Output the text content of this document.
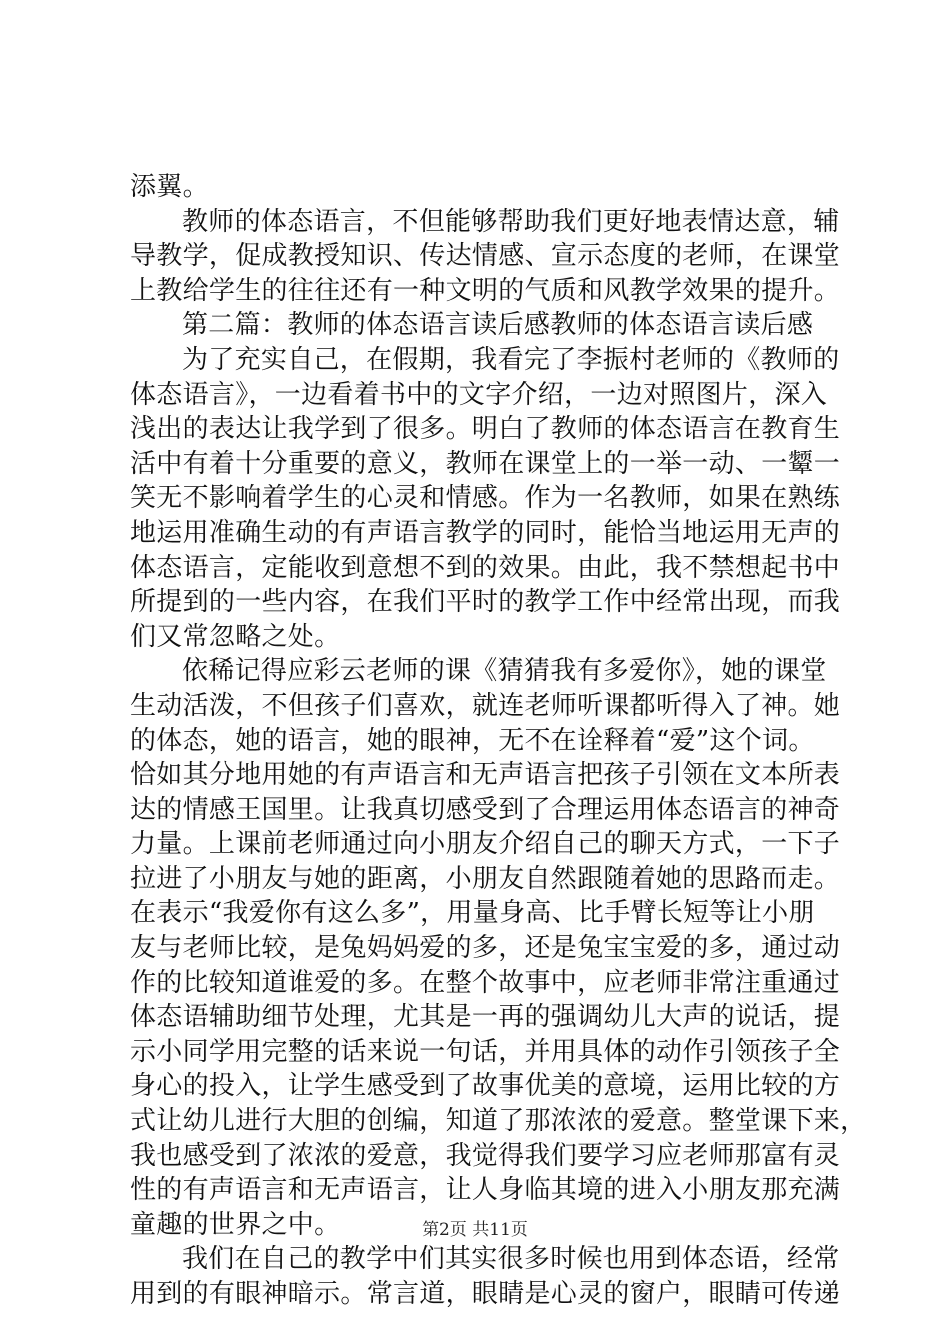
添翼。
教师的体态语言，不但能够帮助我们更好地表情达意，辅
导教学，促成教授知识、传达情感、宣示态度的老师，在课堂
上教给学生的往往还有一种文明的气质和风教学效果的提升。
第二篇：教师的体态语言读后感教师的体态语言读后感
为了充实自己，在假期，我看完了李振村老师的《教师的
体态语言》，一边看着书中的文字介绍，一边对照图片，深入
浅出的表达让我学到了很多。明白了教师的体态语言在教育生
活中有着十分重要的意义，教师在课堂上的一举一动、一颦一
笑无不影响着学生的心灵和情感。作为一名教师，如果在熟练
地运用准确生动的有声语言教学的同时，能恰当地运用无声的
体态语言，定能收到意想不到的效果。由此，我不禁想起书中
所提到的一些内容，在我们平时的教学工作中经常出现，而我
们又常忽略之处。
依稀记得应彩云老师的课《猜猜我有多爱你》，她的课堂
生动活泼，不但孩子们喜欢，就连老师听课都听得入了神。她
的体态，她的语言，她的眼神，无不在诠释着“爱”这个词。
恰如其分地用她的有声语言和无声语言把孩子引领在文本所表
达的情感王国里。让我真切感受到了合理运用体态语言的神奇
力量。上课前老师通过向小朋友介绍自己的聊天方式，一下子
拉进了小朋友与她的距离，小朋友自然跟随着她的思路而走。
在表示“我爱你有这么多”，用量身高、比手臂长短等让小朋
友与老师比较，是兔妈妈爱的多，还是兔宝宝爱的多，通过动
作的比较知道谁爱的多。在整个故事中，应老师非常注重通过
体态语辅助细节处理，尤其是一再的强调幼儿大声的说话，提
示小同学用完整的话来说一句话，并用具体的动作引领孩子全
身心的投入，让学生感受到了故事优美的意境，运用比较的方
式让幼儿进行大胆的创编，知道了那浓浓的爱意。整堂课下来，
我也感受到了浓浓的爱意，我觉得我们要学习应老师那富有灵
性的有声语言和无声语言，让人身临其境的进入小朋友那充满
童趣的世界之中。
我们在自己的教学中们其实很多时候也用到体态语，经常
用到的有眼神暗示。常言道，眼睛是心灵的窗户，眼睛可传递
第2页 共11页
